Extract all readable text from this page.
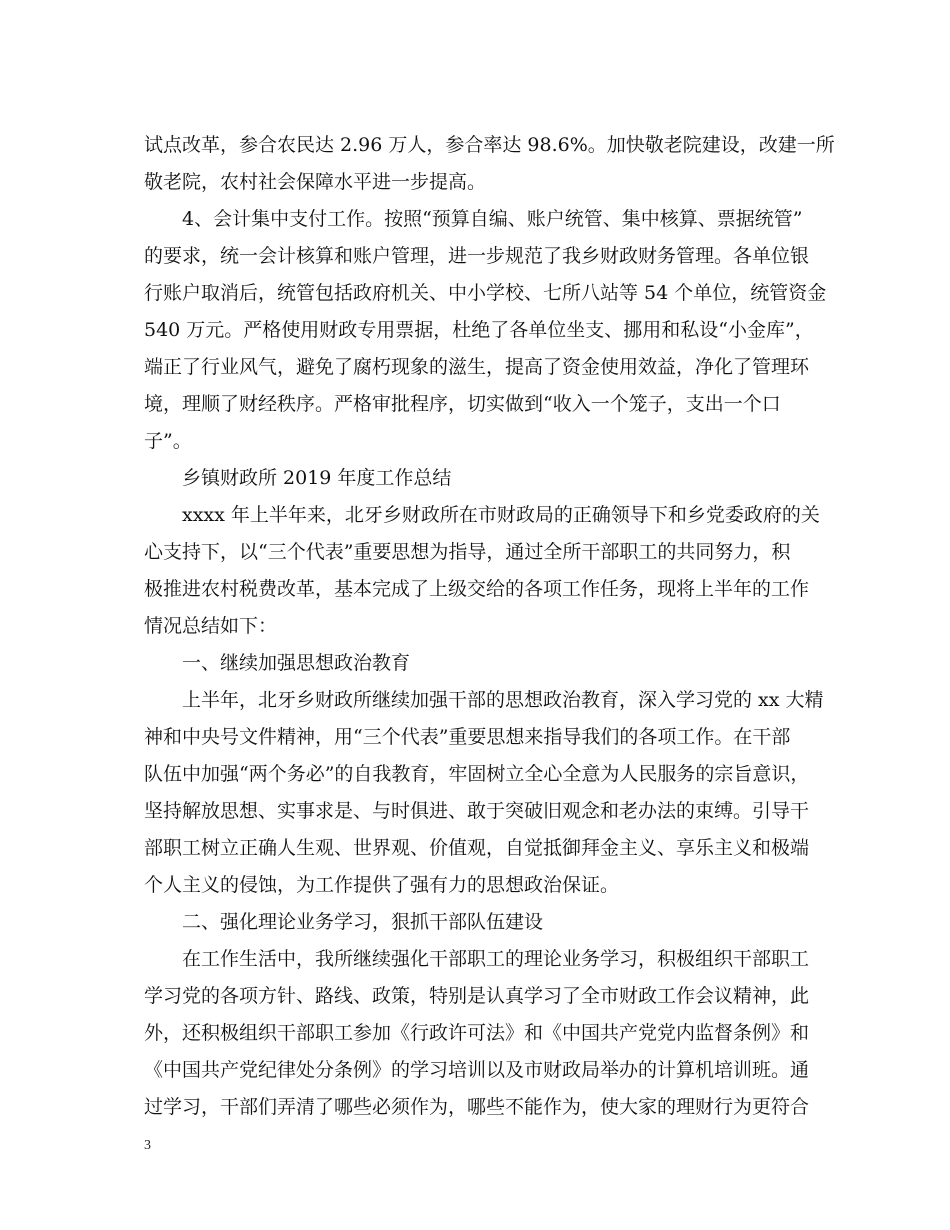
试点改革，参合农民达 2.96 万人，参合率达 98.6%。加快敬老院建设，改建一所
敬老院，农村社会保障水平进一步提高。
　　4、会计集中支付工作。按照“预算自编、账户统管、集中核算、票据统管”
的要求，统一会计核算和账户管理，进一步规范了我乡财政财务管理。各单位银
行账户取消后，统管包括政府机关、中小学校、七所八站等 54 个单位，统管资金
540 万元。严格使用财政专用票据，杜绝了各单位坐支、挪用和私设“小金库”，
端正了行业风气，避免了腐朽现象的滋生，提高了资金使用效益，净化了管理环
境，理顺了财经秩序。严格审批程序，切实做到“收入一个笼子，支出一个口
子”。
　　乡镇财政所 2019 年度工作总结
　　xxxx 年上半年来，北牙乡财政所在市财政局的正确领导下和乡党委政府的关
心支持下，以“三个代表”重要思想为指导，通过全所干部职工的共同努力，积
极推进农村税费改革，基本完成了上级交给的各项工作任务，现将上半年的工作
情况总结如下：
　　一、继续加强思想政治教育
　　上半年，北牙乡财政所继续加强干部的思想政治教育，深入学习党的 xx 大精
神和中央号文件精神，用“三个代表”重要思想来指导我们的各项工作。在干部
队伍中加强“两个务必”的自我教育，牢固树立全心全意为人民服务的宗旨意识，
坚持解放思想、实事求是、与时俱进、敢于突破旧观念和老办法的束缚。引导干
部职工树立正确人生观、世界观、价值观，自觉抵御拜金主义、享乐主义和极端
个人主义的侵蚀，为工作提供了强有力的思想政治保证。
　　二、强化理论业务学习，狠抓干部队伍建设
　　在工作生活中，我所继续强化干部职工的理论业务学习，积极组织干部职工
学习党的各项方针、路线、政策，特别是认真学习了全市财政工作会议精神，此
外，还积极组织干部职工参加《行政许可法》和《中国共产党党内监督条例》和
《中国共产党纪律处分条例》的学习培训以及市财政局举办的计算机培训班。通
过学习，干部们弄清了哪些必须作为，哪些不能作为，使大家的理财行为更符合
3
